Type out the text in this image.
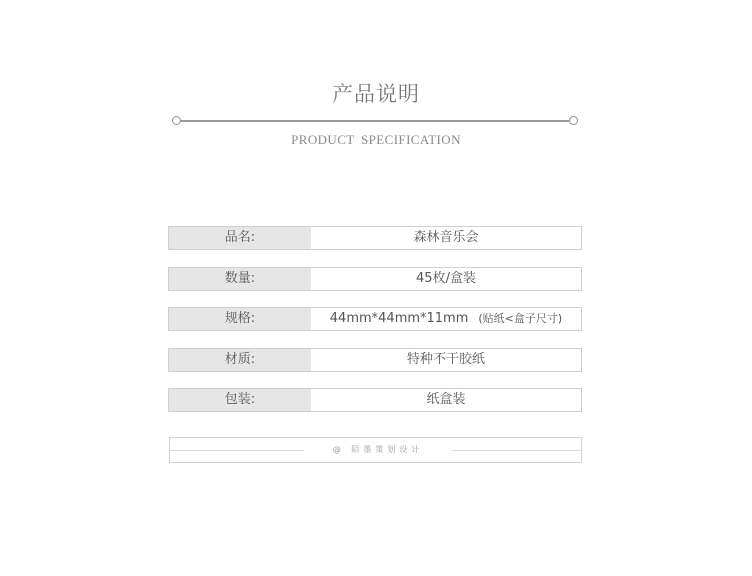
产品说明
PRODUCT SPECIFICATION
品名:	森林音乐会
数量:	45枚/盒装
规格:	44mm*44mm*11mm (贴纸<盒子尺寸)
材质:	特种不干胶纸
包装:	纸盒装
@ 陌墨策划设计
